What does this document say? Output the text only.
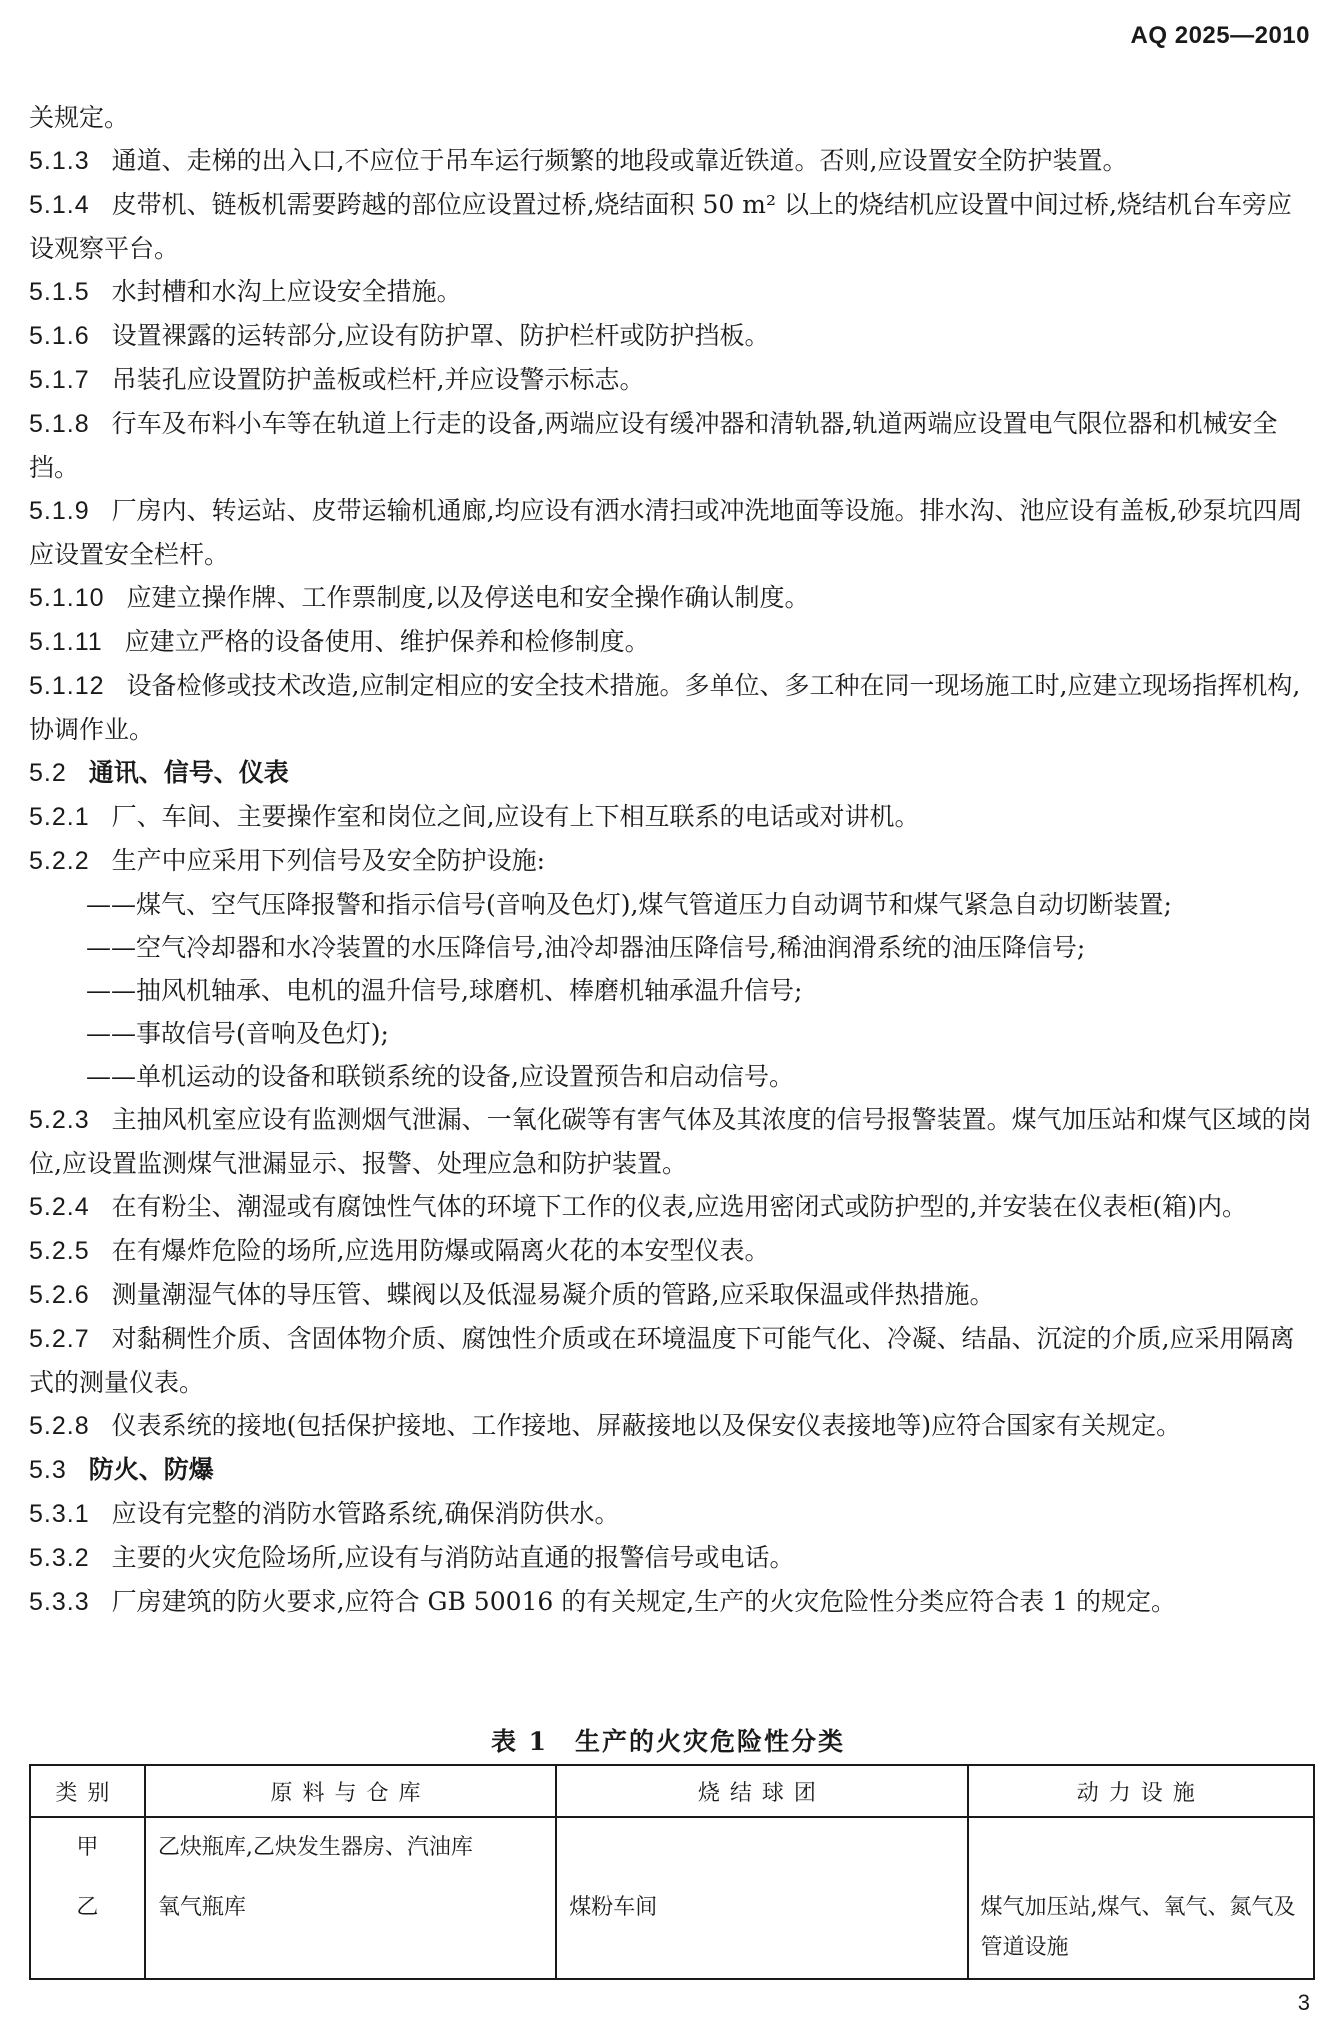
AQ 2025—2010

关规定。

5.1.3 通道、走梯的出入口,不应位于吊车运行频繁的地段或靠近铁道。否则,应设置安全防护装置。

5.1.4 皮带机、链板机需要跨越的部位应设置过桥,烧结面积 50 m² 以上的烧结机应设置中间过桥,烧结机台车旁应设观察平台。

5.1.5 水封槽和水沟上应设安全措施。

5.1.6 设置裸露的运转部分,应设有防护罩、防护栏杆或防护挡板。

5.1.7 吊装孔应设置防护盖板或栏杆,并应设警示标志。

5.1.8 行车及布料小车等在轨道上行走的设备,两端应设有缓冲器和清轨器,轨道两端应设置电气限位器和机械安全挡。

5.1.9 厂房内、转运站、皮带运输机通廊,均应设有洒水清扫或冲洗地面等设施。排水沟、池应设有盖板,砂泵坑四周应设置安全栏杆。

5.1.10 应建立操作牌、工作票制度,以及停送电和安全操作确认制度。

5.1.11 应建立严格的设备使用、维护保养和检修制度。

5.1.12 设备检修或技术改造,应制定相应的安全技术措施。多单位、多工种在同一现场施工时,应建立现场指挥机构,协调作业。

5.2 通讯、信号、仪表

5.2.1 厂、车间、主要操作室和岗位之间,应设有上下相互联系的电话或对讲机。

5.2.2 生产中应采用下列信号及安全防护设施:

——煤气、空气压降报警和指示信号(音响及色灯),煤气管道压力自动调节和煤气紧急自动切断装置;

——空气冷却器和水冷装置的水压降信号,油冷却器油压降信号,稀油润滑系统的油压降信号;

——抽风机轴承、电机的温升信号,球磨机、棒磨机轴承温升信号;

——事故信号(音响及色灯);

——单机运动的设备和联锁系统的设备,应设置预告和启动信号。

5.2.3 主抽风机室应设有监测烟气泄漏、一氧化碳等有害气体及其浓度的信号报警装置。煤气加压站和煤气区域的岗位,应设置监测煤气泄漏显示、报警、处理应急和防护装置。

5.2.4 在有粉尘、潮湿或有腐蚀性气体的环境下工作的仪表,应选用密闭式或防护型的,并安装在仪表柜(箱)内。

5.2.5 在有爆炸危险的场所,应选用防爆或隔离火花的本安型仪表。

5.2.6 测量潮湿气体的导压管、蝶阀以及低湿易凝介质的管路,应采取保温或伴热措施。

5.2.7 对黏稠性介质、含固体物介质、腐蚀性介质或在环境温度下可能气化、冷凝、结晶、沉淀的介质,应采用隔离式的测量仪表。

5.2.8 仪表系统的接地(包括保护接地、工作接地、屏蔽接地以及保安仪表接地等)应符合国家有关规定。

5.3 防火、防爆

5.3.1 应设有完整的消防水管路系统,确保消防供水。

5.3.2 主要的火灾危险场所,应设有与消防站直通的报警信号或电话。

5.3.3 厂房建筑的防火要求,应符合 GB 50016 的有关规定,生产的火灾危险性分类应符合表 1 的规定。

表 1　生产的火灾危险性分类
类别	原料与仓库	烧结球团	动力设施
甲	乙炔瓶库,乙炔发生器房、汽油库		
乙	氧气瓶库	煤粉车间	煤气加压站,煤气、氧气、氮气及管道设施
3
